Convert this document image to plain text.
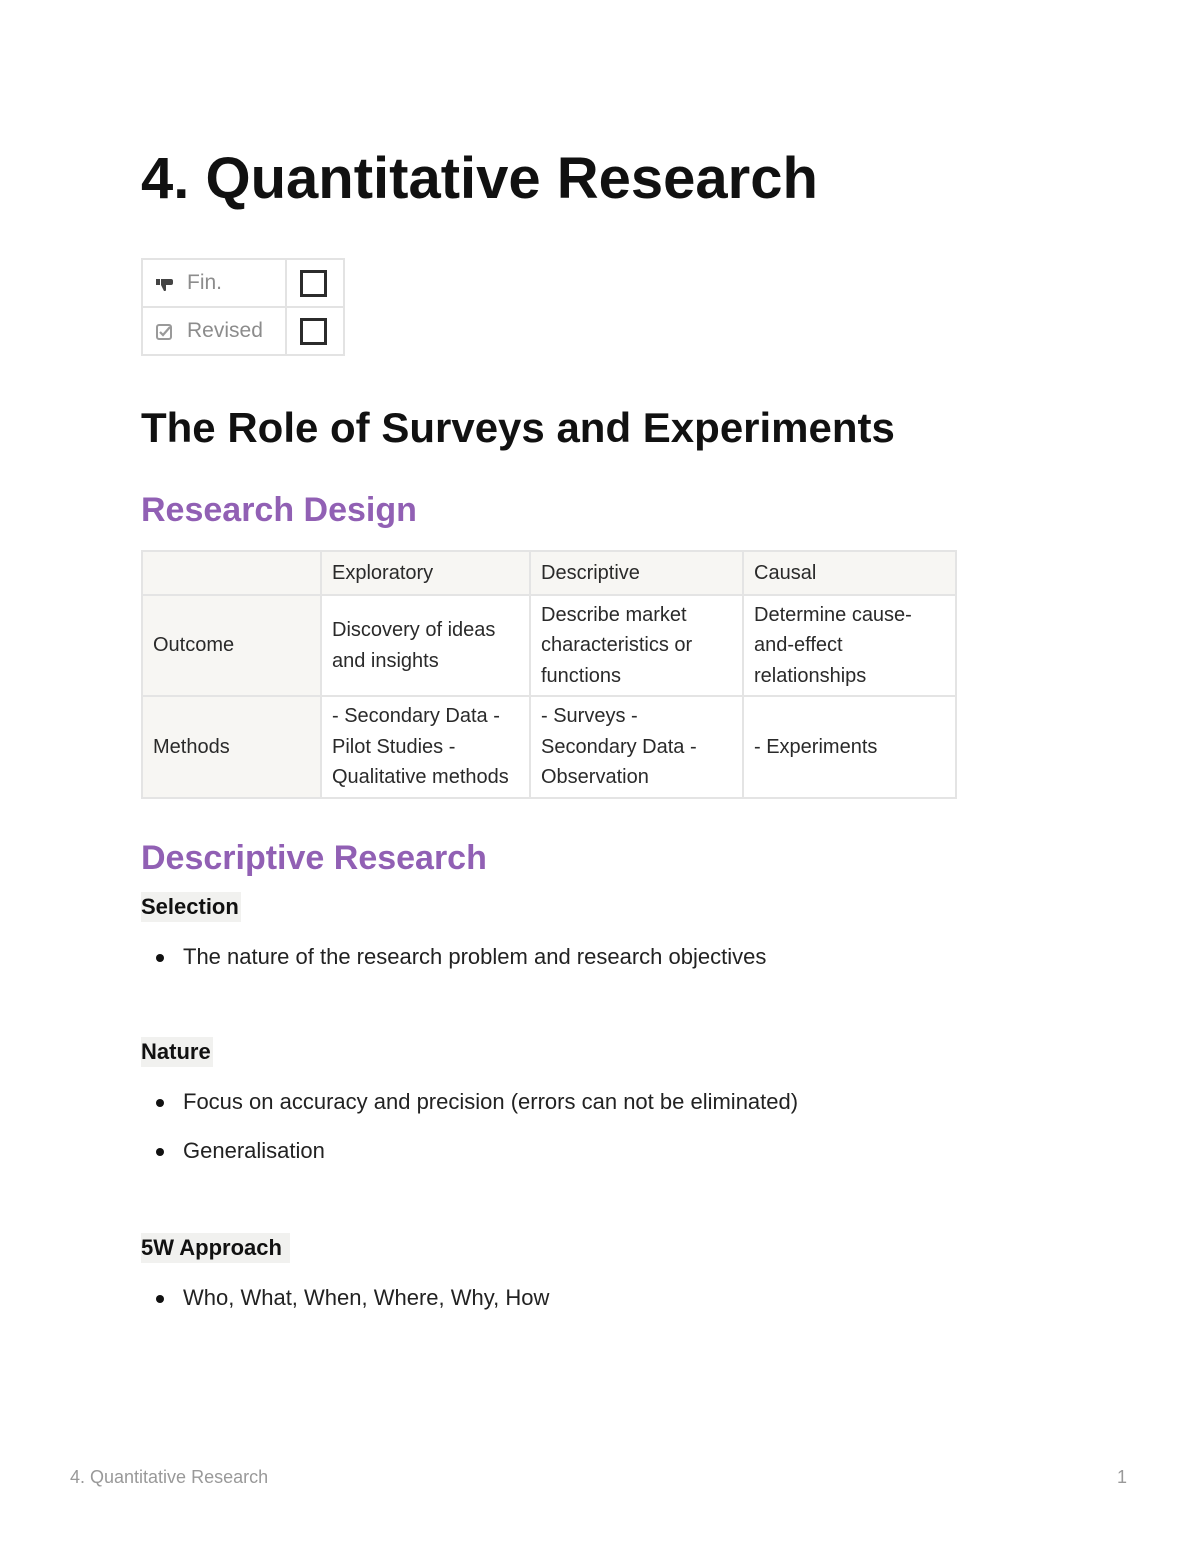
4. Quantitative Research
Fin.	

Revised	

The Role of Surveys and Experiments
Research Design
	Exploratory	Descriptive	Causal
Outcome	Discovery of ideas and insights	Describe market characteristics or functions	Determine cause-and-effect relationships
Methods	- Secondary Data - Pilot Studies - Qualitative methods	- Surveys - Secondary Data - Observation	- Experiments
Descriptive Research
Selection
The nature of the research problem and research objectives
Nature
Focus on accuracy and precision (errors can not be eliminated)
Generalisation
5W Approach
Who, What, When, Where, Why, How
4. Quantitative Research	1
